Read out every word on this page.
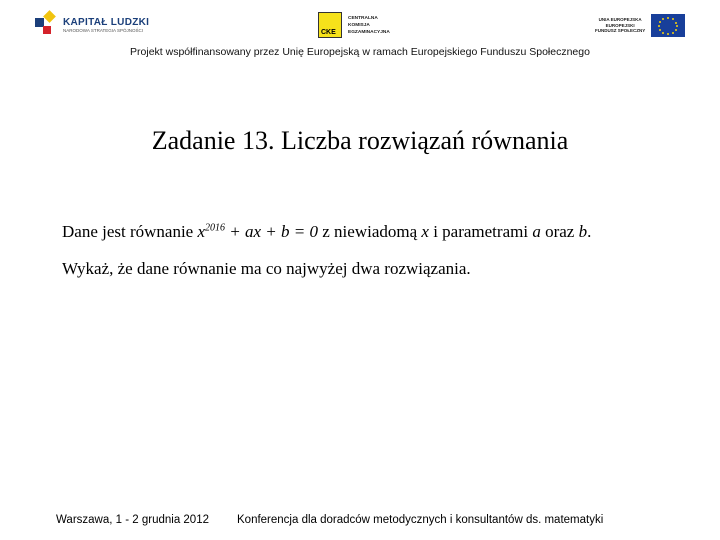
KAPITAŁ LUDZKI
NARODOWA STRATEGIA SPÓJNOŚCI	CKE
CENTRALNA
KOMISJA
EGZAMINACYJNA
UNIA EUROPEJSKA
EUROPEJSKI
FUNDUSZ SPOŁECZNY
Projekt współfinansowany przez Unię Europejską w ramach Europejskiego Funduszu Społecznego
Zadanie 13. Liczba rozwiązań równania
Dane jest równanie $x^{2016}$ + ax + b = 0 z niewiadomą x i parametrami a oraz b.
Wykaż, że dane równanie ma co najwyżej dwa rozwiązania.
Warszawa, 1 - 2 grudnia 2012 Konferencja dla doradców metodycznych i konsultantów ds. matematyki
